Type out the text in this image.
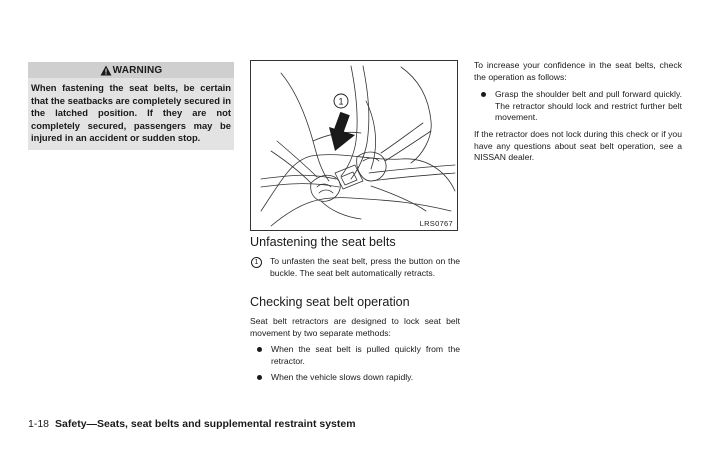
WARNING
When fastening the seat belts, be certain that the seatbacks are completely secured in the latched position. If they are not completely secured, passengers may be injured in an accident or sudden stop.
1
LRS0767
Unfastening the seat belts
1	To unfasten the seat belt, press the button on the buckle. The seat belt automatically retracts.
Checking seat belt operation
Seat belt retractors are designed to lock seat belt movement by two separate methods:
When the seat belt is pulled quickly from the retractor.
When the vehicle slows down rapidly.
To increase your confidence in the seat belts, check the operation as follows:
Grasp the shoulder belt and pull forward quickly. The retractor should lock and restrict further belt movement.
If the retractor does not lock during this check or if you have any questions about seat belt operation, see a NISSAN dealer.
1-18 Safety—Seats, seat belts and supplemental restraint system
